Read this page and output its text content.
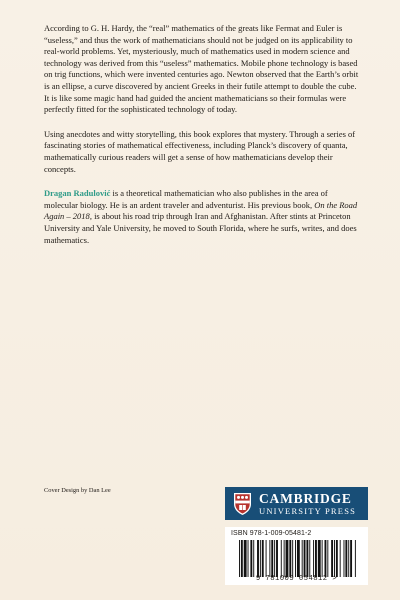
According to G. H. Hardy, the “real” mathematics of the greats like Fermat and Euler is “useless,” and thus the work of mathematicians should not be judged on its applicability to real-world problems. Yet, mysteriously, much of mathematics used in modern science and technology was derived from this “useless” mathematics. Mobile phone technology is based on trig functions, which were invented centuries ago. Newton observed that the Earth’s orbit is an ellipse, a curve discovered by ancient Greeks in their futile attempt to double the cube. It is like some magic hand had guided the ancient mathematicians so their formulas were perfectly fitted for the sophisticated technology of today.

Using anecdotes and witty storytelling, this book explores that mystery. Through a series of fascinating stories of mathematical effectiveness, including Planck’s discovery of quanta, mathematically curious readers will get a sense of how mathematicians develop their concepts.

Dragan Radulović is a theoretical mathematician who also publishes in the area of molecular biology. He is an ardent traveler and adventurist. His previous book, On the Road Again – 2018, is about his road trip through Iran and Afghanistan. After stints at Princeton University and Yale University, he moved to South Florida, where he surfs, writes, and does mathematics.

Cover Design by Dan Lee
CAMBRIDGE
UNIVERSITY PRESS
ISBN 978-1-009-05481-2
9 781009 054812 >
